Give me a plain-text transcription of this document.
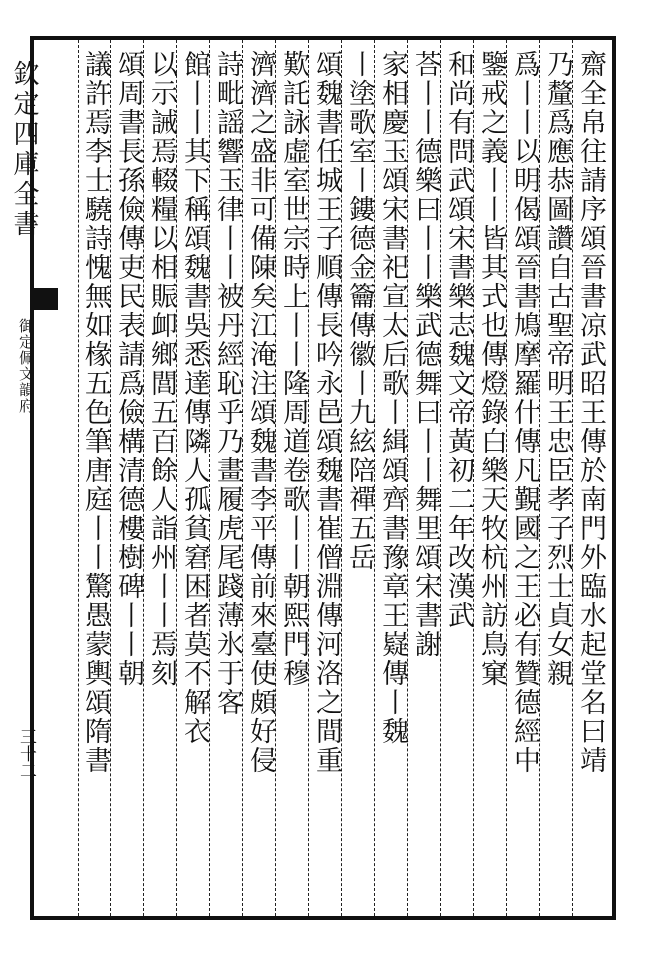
欽定四庫全書
御定佩文韻府
三十二	齋全帛往請序頌晉書凉武昭王傳於南門外臨水起堂名曰靖
乃釐爲應恭圖讚自古聖帝明王忠臣孝子烈士貞女親
爲丨丨以明偈頌晉書鳩摩羅什傳凡覲國之王必有贊德經中
鑒戒之義丨丨皆其式也傳燈錄白樂天牧杭州訪鳥窠
和尚有問武頌宋書樂志魏文帝黃初二年改漢武
荅丨丨德樂曰丨丨樂武德舞曰丨丨舞里頌宋書謝
家相慶玉頌宋書祀宣太后歌丨緝頌齊書豫章王嶷傳丨魏
丨塗歌室丨鏤德金籥傳徽丨九絃陪禪五岳
頌魏書任城王子順傳長吟永邑頌魏書崔僧淵傳河洛之間重
歎託詠虛室世宗時上丨丨隆周道卷歌丨丨朝熙門穆
濟濟之盛非可備陳矣江淹注頌魏書李平傳前來臺使頗好侵
詩毗謡響玉律丨丨被丹經恥乎乃畫履虎尾踐薄氷于客
館丨丨其下稱頌魏書吳悉達傳隣人孤貧窘困者莫不解衣
以示誡焉輟糧以相賑卹鄉閭五百餘人詣州丨丨焉刻
頌周書長孫儉傳吏民表請爲儉構清德樓樹碑丨丨朝
議許焉李士驍詩愧無如椽五色筆唐庭丨丨驚愚蒙輿頌隋書
